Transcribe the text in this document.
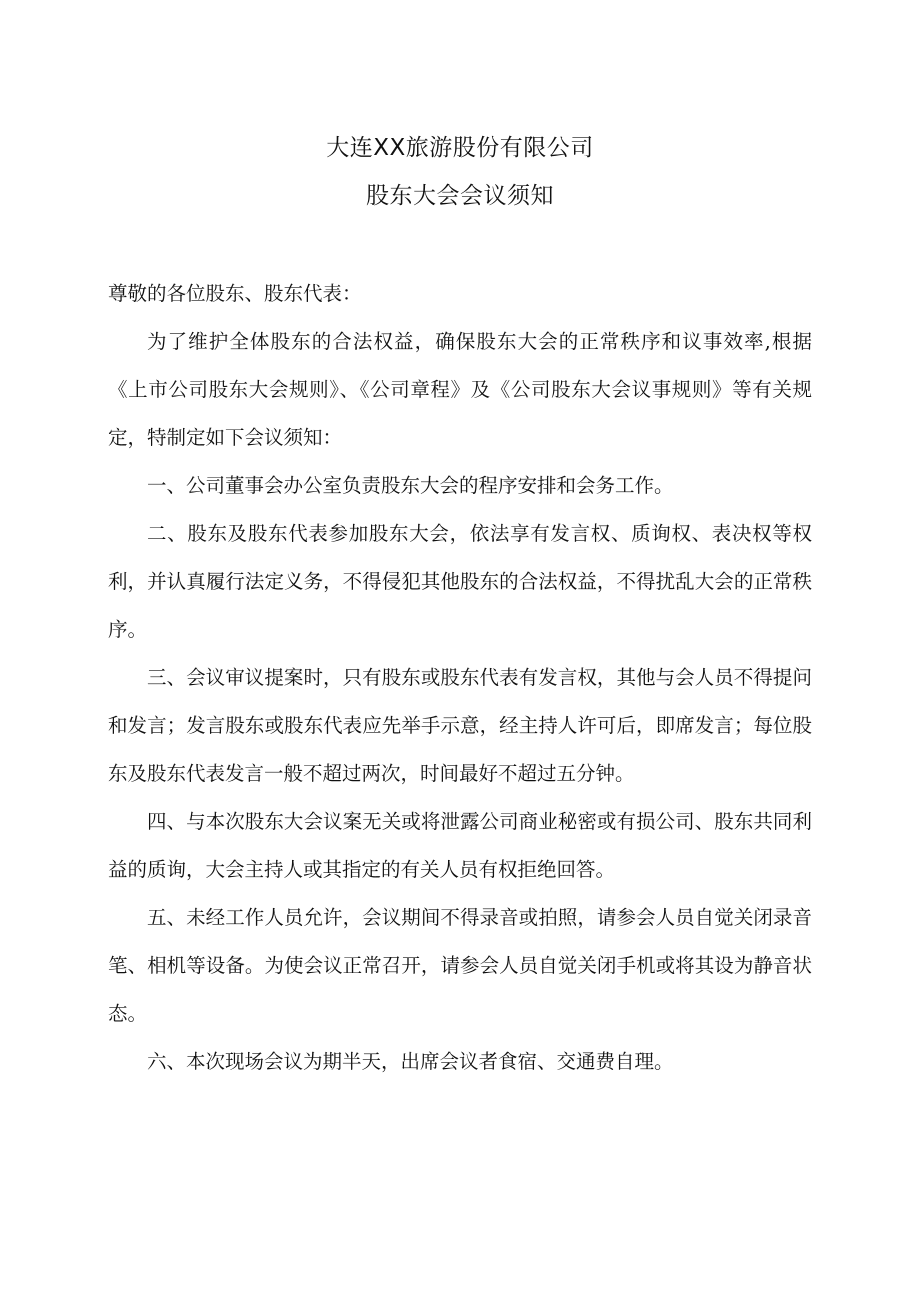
大连XX旅游股份有限公司
股东大会会议须知

尊敬的各位股东、股东代表：

为了维护全体股东的合法权益，确保股东大会的正常秩序和议事效率,根据《上市公司股东大会规则》、《公司章程》及《公司股东大会议事规则》等有关规定，特制定如下会议须知：

一、公司董事会办公室负责股东大会的程序安排和会务工作。

二、股东及股东代表参加股东大会，依法享有发言权、质询权、表决权等权利，并认真履行法定义务，不得侵犯其他股东的合法权益，不得扰乱大会的正常秩序。

三、会议审议提案时，只有股东或股东代表有发言权，其他与会人员不得提问和发言；发言股东或股东代表应先举手示意，经主持人许可后，即席发言；每位股东及股东代表发言一般不超过两次，时间最好不超过五分钟。

四、与本次股东大会议案无关或将泄露公司商业秘密或有损公司、股东共同利益的质询，大会主持人或其指定的有关人员有权拒绝回答。

五、未经工作人员允许，会议期间不得录音或拍照，请参会人员自觉关闭录音笔、相机等设备。为使会议正常召开，请参会人员自觉关闭手机或将其设为静音状态。

六、本次现场会议为期半天，出席会议者食宿、交通费自理。
